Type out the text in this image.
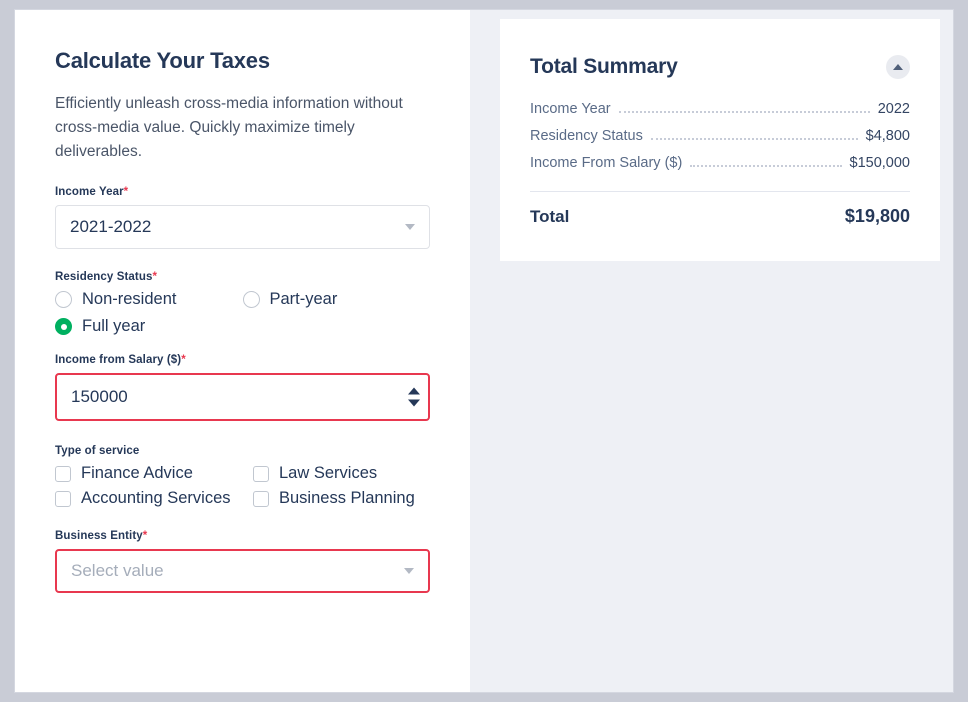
Calculate Your Taxes

Efficiently unleash cross-media information without cross-media value. Quickly maximize timely deliverables.

Income Year*
2021-2022
Residency Status*
Non-resident	Part-year
Full year
Income from Salary ($)*
150000
Type of service
Finance Advice	Law Services
Accounting Services	Business Planning
Business Entity*
Select value
Total Summary
Income Year	2022
Residency Status	$4,800
Income From Salary ($)	$150,000
Total	$19,800
